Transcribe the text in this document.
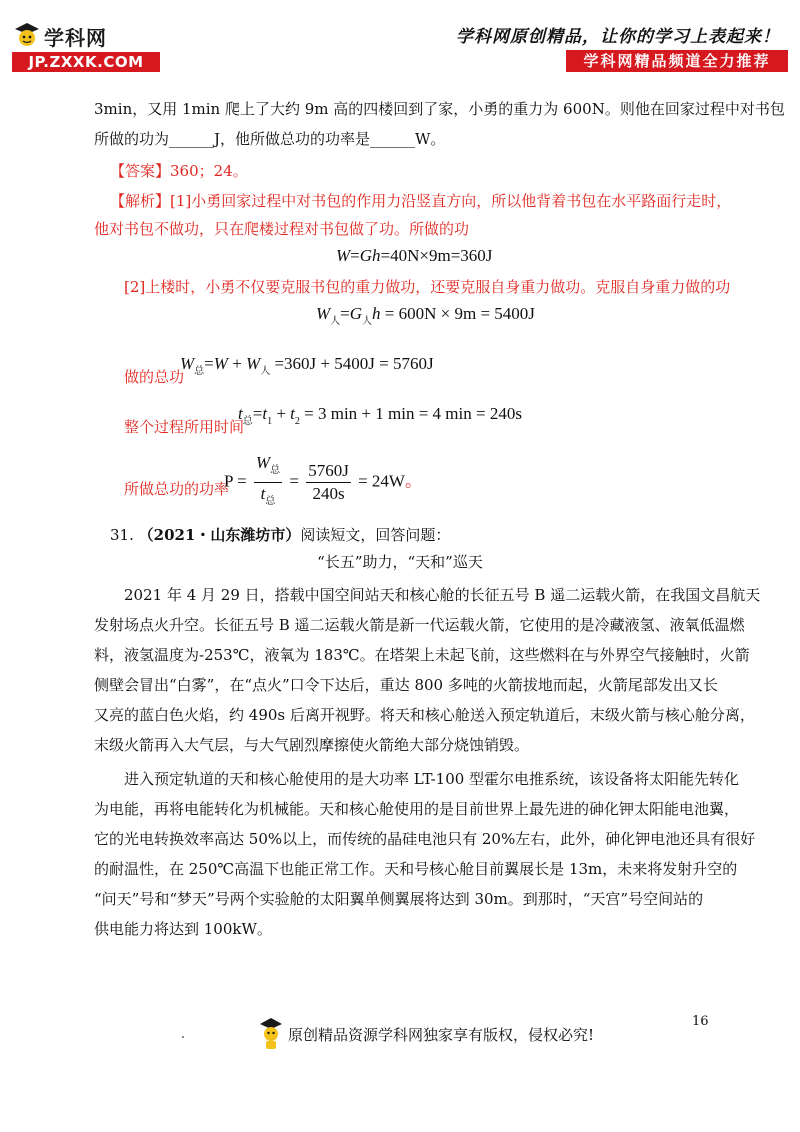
学科网
JP.ZXXK.COM
学科网原创精品，让你的学习上表起来！
学科网精品频道全力推荐
3min，又用 1min 爬上了大约 9m 高的四楼回到了家，小勇的重力为 600N。则他在回家过程中对书包
所做的功为______J，他所做总功的功率是______W。
【答案】360；24。
【解析】[1]小勇回家过程中对书包的作用力沿竖直方向，所以他背着书包在水平路面行走时，
他对书包不做功，只在爬楼过程对书包做了功。所做的功
W=Gh=40N×9m=360J
[2]上楼时，小勇不仅要克服书包的重力做功，还要克服自身重力做功。克服自身重力做的功
$W_人=G_人h = 600N \times 9m = 5400J$
做的总功
$W_总=W + W_人 =360J + 5400J = 5760J$
整个过程所用时间
$t_总=t_1 + t_2 = 3$ min + 1 min = 4 min = 240s
所做总功的功率
$P = \frac{W_总}{t_总} = \frac{5760J}{240s} = 24W$。
31. （2021・山东潍坊市）阅读短文，回答问题：
“长五”助力，“天和”巡天
2021 年 4 月 29 日，搭载中国空间站天和核心舱的长征五号 B 遥二运载火箭，在我国文昌航天
发射场点火升空。长征五号 B 遥二运载火箭是新一代运载火箭，它使用的是冷藏液氢、液氧低温燃
料，液氢温度为-253℃，液氧为 183℃。在塔架上未起飞前，这些燃料在与外界空气接触时，火箭
侧壁会冒出“白雾”，在“点火”口令下达后，重达 800 多吨的火箭拔地而起，火箭尾部发出又长
又亮的蓝白色火焰，约 490s 后离开视野。将天和核心舱送入预定轨道后，末级火箭与核心舱分离，
末级火箭再入大气层，与大气剧烈摩擦使火箭绝大部分烧蚀销毁。
进入预定轨道的天和核心舱使用的是大功率 LT-100 型霍尔电推系统，该设备将太阳能先转化
为电能，再将电能转化为机械能。天和核心舱使用的是目前世界上最先进的砷化钾太阳能电池翼，
它的光电转换效率高达 50%以上，而传统的晶硅电池只有 20%左右，此外，砷化钾电池还具有很好
的耐温性，在 250℃高温下也能正常工作。天和号核心舱目前翼展长是 13m，未来将发射升空的
“问天”号和“梦天”号两个实验舱的太阳翼单侧翼展将达到 30m。到那时，“天宫”号空间站的
供电能力将达到 100kW。
16
原创精品资源学科网独家享有版权，侵权必究!
